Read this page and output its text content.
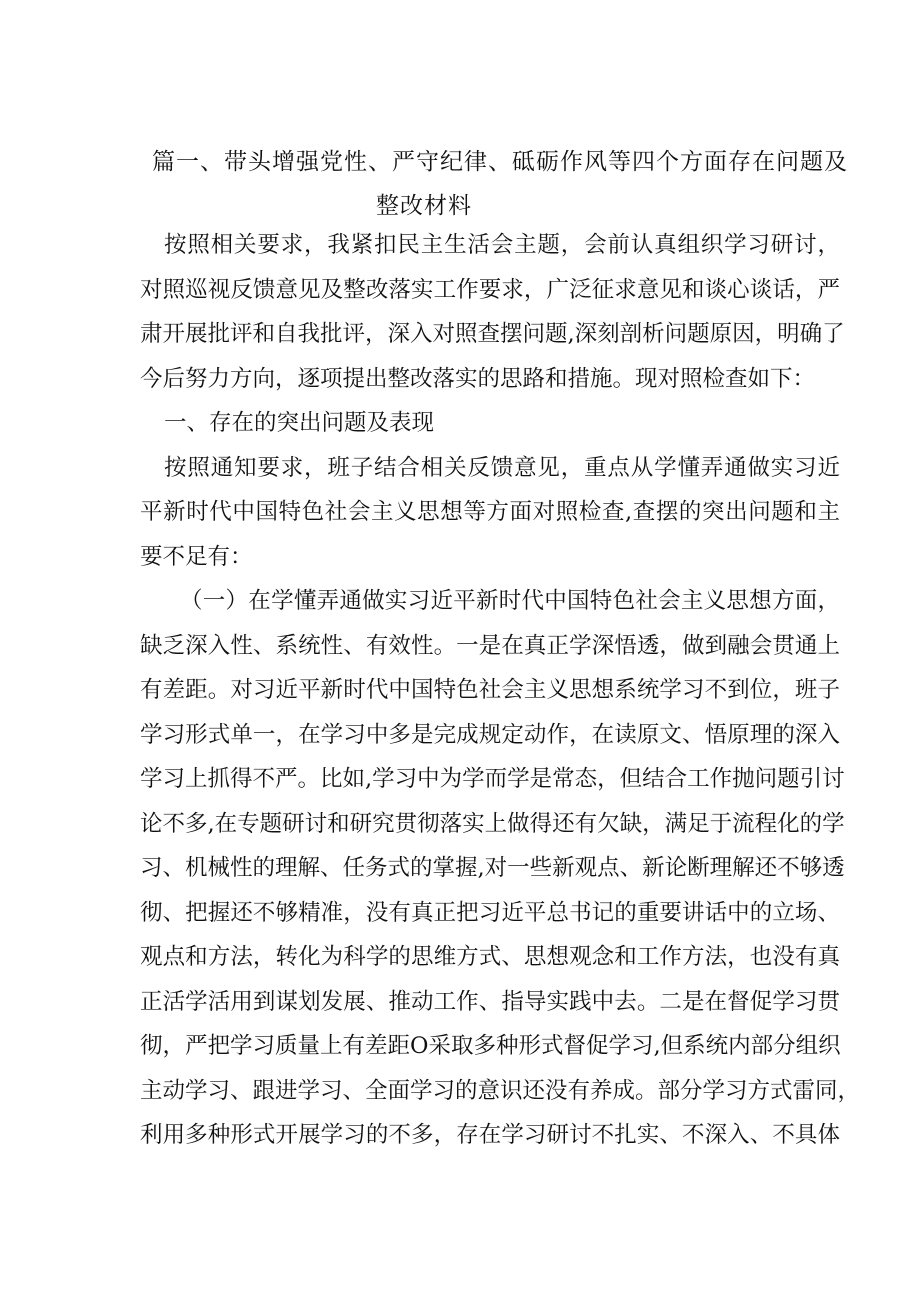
篇一、带头增强党性、严守纪律、砥砺作风等四个方面存在问题及
整改材料
按照相关要求，我紧扣民主生活会主题，会前认真组织学习研讨，
对照巡视反馈意见及整改落实工作要求，广泛征求意见和谈心谈话，严
肃开展批评和自我批评，深入对照查摆问题,深刻剖析问题原因，明确了
今后努力方向，逐项提出整改落实的思路和措施。现对照检查如下：
一、存在的突出问题及表现
按照通知要求，班子结合相关反馈意见，重点从学懂弄通做实习近
平新时代中国特色社会主义思想等方面对照检查,查摆的突出问题和主
要不足有：
（一）在学懂弄通做实习近平新时代中国特色社会主义思想方面，
缺乏深入性、系统性、有效性。一是在真正学深悟透，做到融会贯通上
有差距。对习近平新时代中国特色社会主义思想系统学习不到位，班子
学习形式单一，在学习中多是完成规定动作，在读原文、悟原理的深入
学习上抓得不严。比如,学习中为学而学是常态，但结合工作抛问题引讨
论不多,在专题研讨和研究贯彻落实上做得还有欠缺，满足于流程化的学
习、机械性的理解、任务式的掌握,对一些新观点、新论断理解还不够透
彻、把握还不够精准，没有真正把习近平总书记的重要讲话中的立场、
观点和方法，转化为科学的思维方式、思想观念和工作方法，也没有真
正活学活用到谋划发展、推动工作、指导实践中去。二是在督促学习贯
彻，严把学习质量上有差距O采取多种形式督促学习,但系统内部分组织
主动学习、跟进学习、全面学习的意识还没有养成。部分学习方式雷同，
利用多种形式开展学习的不多，存在学习研讨不扎实、不深入、不具体
